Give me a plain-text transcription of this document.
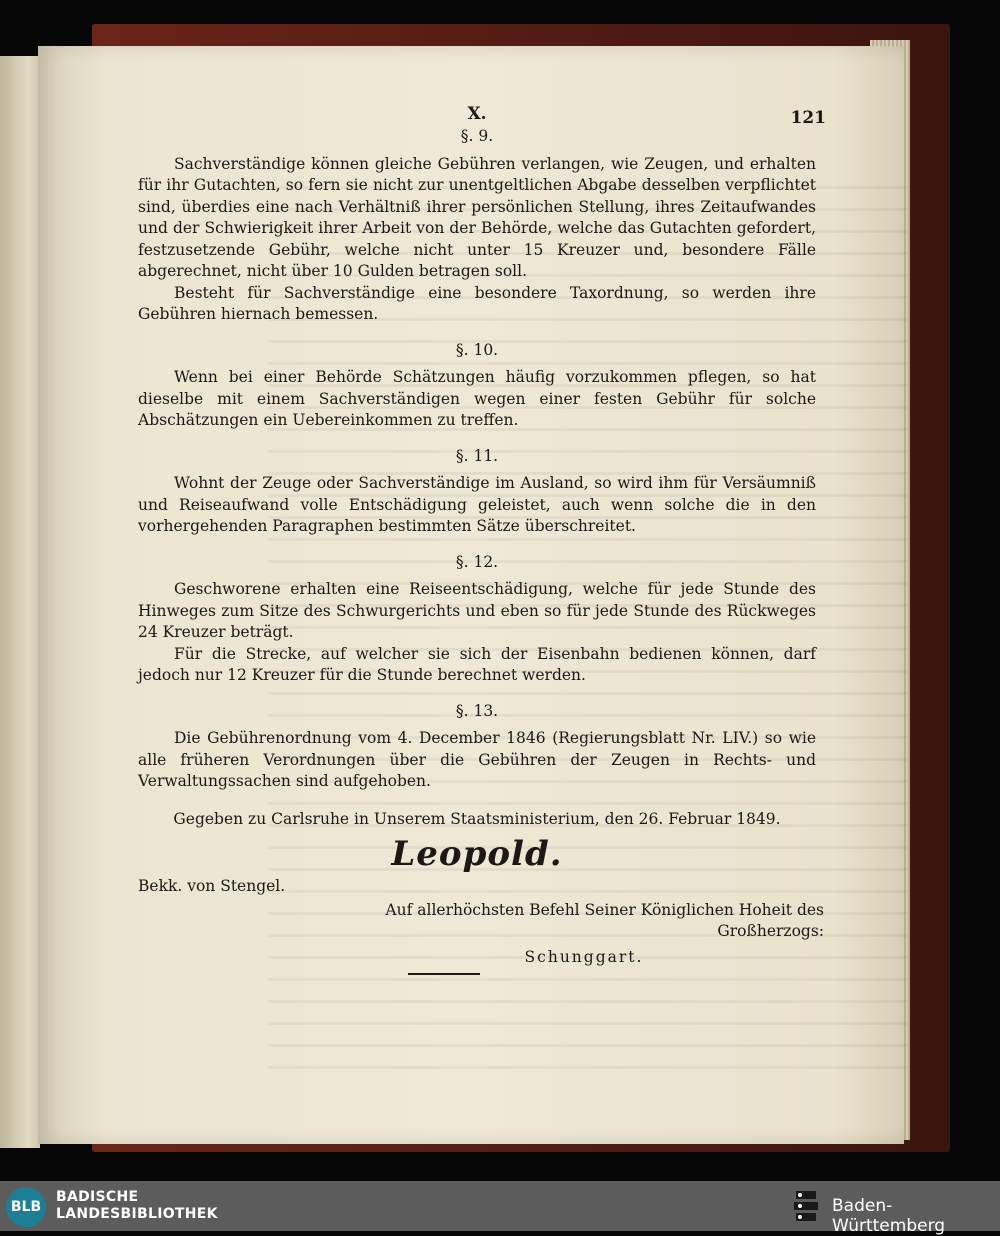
X.	121
§. 9.

Sachverständige können gleiche Gebühren verlangen, wie Zeugen, und erhalten für ihr Gutachten, so fern sie nicht zur unentgeltlichen Abgabe desselben verpflichtet sind, überdies eine nach Verhältniß ihrer persönlichen Stellung, ihres Zeitaufwandes und der Schwierigkeit ihrer Arbeit von der Behörde, welche das Gutachten gefordert, festzusetzende Gebühr, welche nicht unter 15 Kreuzer und, besondere Fälle abgerechnet, nicht über 10 Gulden betragen soll.

Besteht für Sachverständige eine besondere Taxordnung, so werden ihre Gebühren hiernach bemessen.

§. 10.

Wenn bei einer Behörde Schätzungen häufig vorzukommen pflegen, so hat dieselbe mit einem Sachverständigen wegen einer festen Gebühr für solche Abschätzungen ein Uebereinkommen zu treffen.

§. 11.

Wohnt der Zeuge oder Sachverständige im Ausland, so wird ihm für Versäumniß und Reiseaufwand volle Entschädigung geleistet, auch wenn solche die in den vorhergehenden Paragraphen bestimmten Sätze überschreitet.

§. 12.

Geschworene erhalten eine Reiseentschädigung, welche für jede Stunde des Hinweges zum Sitze des Schwurgerichts und eben so für jede Stunde des Rückweges 24 Kreuzer beträgt.

Für die Strecke, auf welcher sie sich der Eisenbahn bedienen können, darf jedoch nur 12 Kreuzer für die Stunde berechnet werden.

§. 13.

Die Gebührenordnung vom 4. December 1846 (Regierungsblatt Nr. LIV.) so wie alle früheren Verordnungen über die Gebühren der Zeugen in Rechts- und Verwaltungssachen sind aufgehoben.

Gegeben zu Carlsruhe in Unserem Staatsministerium, den 26. Februar 1849.

Leopold.
Bekk. von Stengel.
Auf allerhöchsten Befehl Seiner Königlichen Hoheit des Großherzogs:
Schunggart.
BLB
BADISCHE
LANDESBIBLIOTHEK	Baden-Württemberg
